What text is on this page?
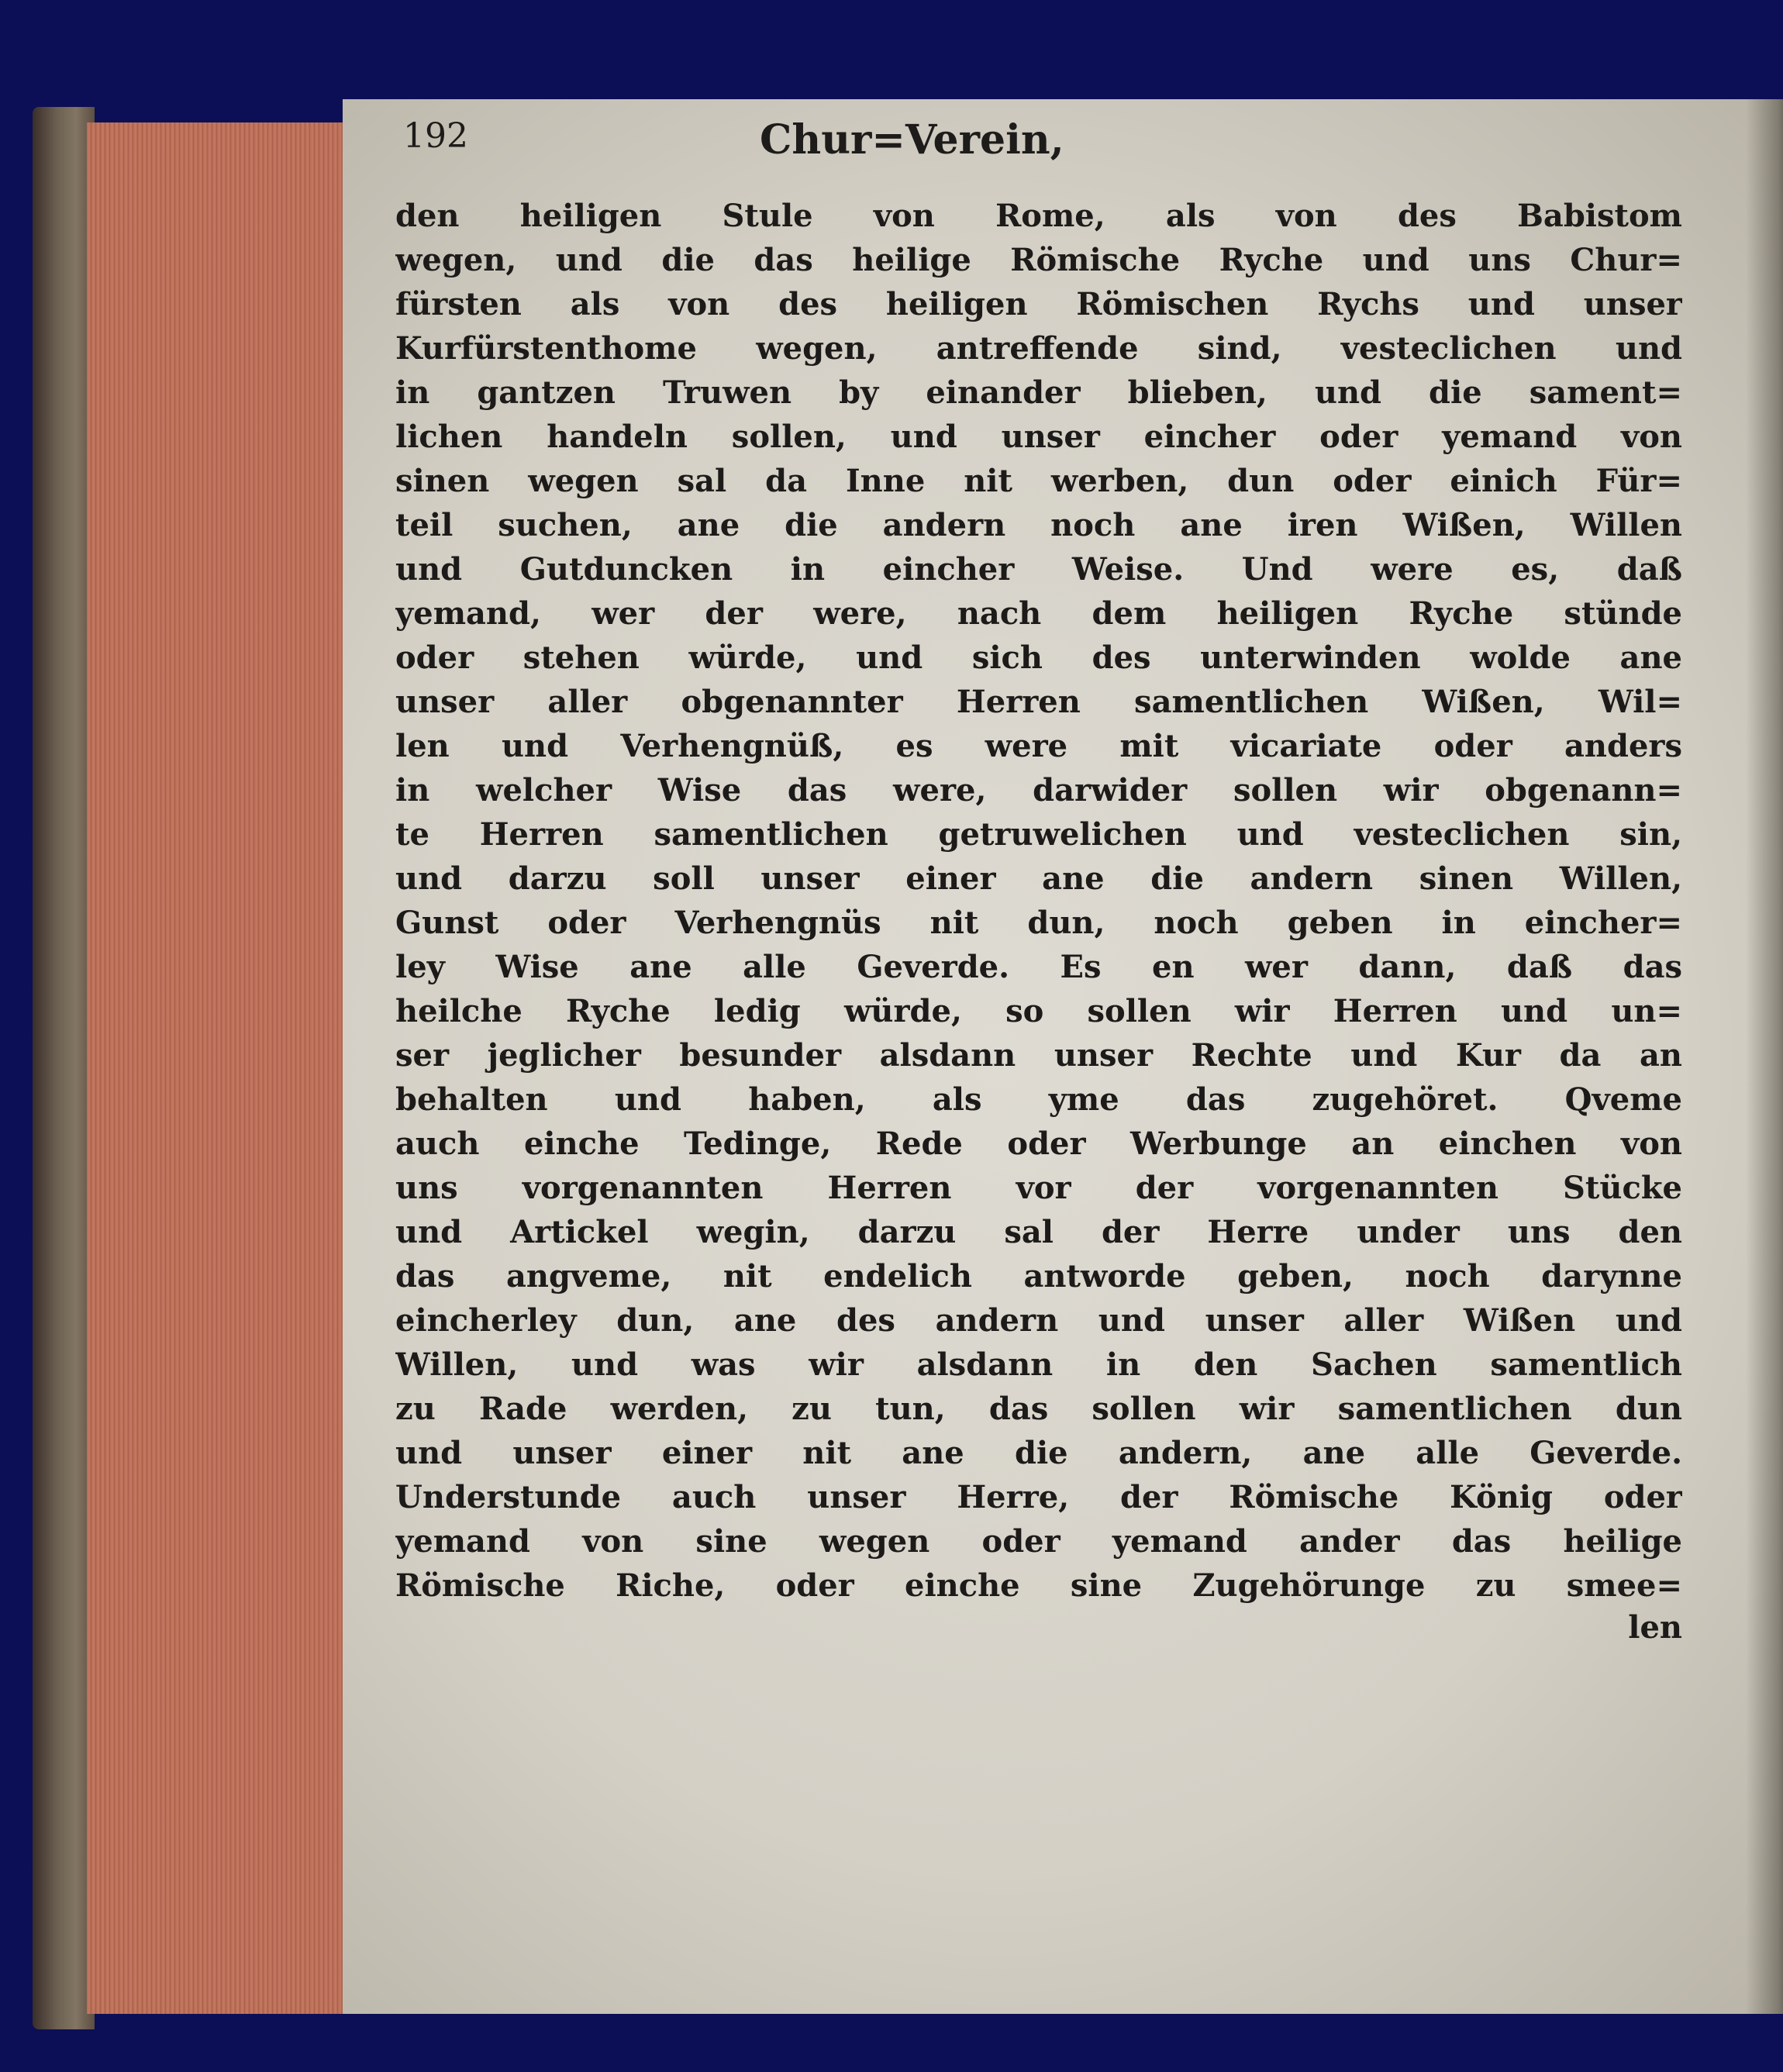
192	Chur=Verein,
den heiligen Stule von Rome, als von des Babistom
wegen, und die das heilige Römische Ryche und uns Chur=
fürsten als von des heiligen Römischen Rychs und unser
Kurfürstenthome wegen, antreffende sind, vesteclichen und
in gantzen Truwen by einander blieben, und die sament=
lichen handeln sollen, und unser eincher oder yemand von
sinen wegen sal da Inne nit werben, dun oder einich Für=
teil suchen, ane die andern noch ane iren Wißen, Willen
und Gutduncken in eincher Weise. Und were es, daß
yemand, wer der were, nach dem heiligen Ryche stünde
oder stehen würde, und sich des unterwinden wolde ane
unser aller obgenannter Herren samentlichen Wißen, Wil=
len und Verhengnüß, es were mit vicariate oder anders
in welcher Wise das were, darwider sollen wir obgenann=
te Herren samentlichen getruwelichen und vesteclichen sin,
und darzu soll unser einer ane die andern sinen Willen,
Gunst oder Verhengnüs nit dun, noch geben in eincher=
ley Wise ane alle Geverde. Es en wer dann, daß das
heilche Ryche ledig würde, so sollen wir Herren und un=
ser jeglicher besunder alsdann unser Rechte und Kur da an
behalten und haben, als yme das zugehöret. Qveme
auch einche Tedinge, Rede oder Werbunge an einchen von
uns vorgenannten Herren vor der vorgenannten Stücke
und Artickel wegin, darzu sal der Herre under uns den
das angveme, nit endelich antworde geben, noch darynne
eincherley dun, ane des andern und unser aller Wißen und
Willen, und was wir alsdann in den Sachen samentlich
zu Rade werden, zu tun, das sollen wir samentlichen dun
und unser einer nit ane die andern, ane alle Geverde.
Understunde auch unser Herre, der Römische König oder
yemand von sine wegen oder yemand ander das heilige
Römische Riche, oder einche sine Zugehörunge zu smee=
len
